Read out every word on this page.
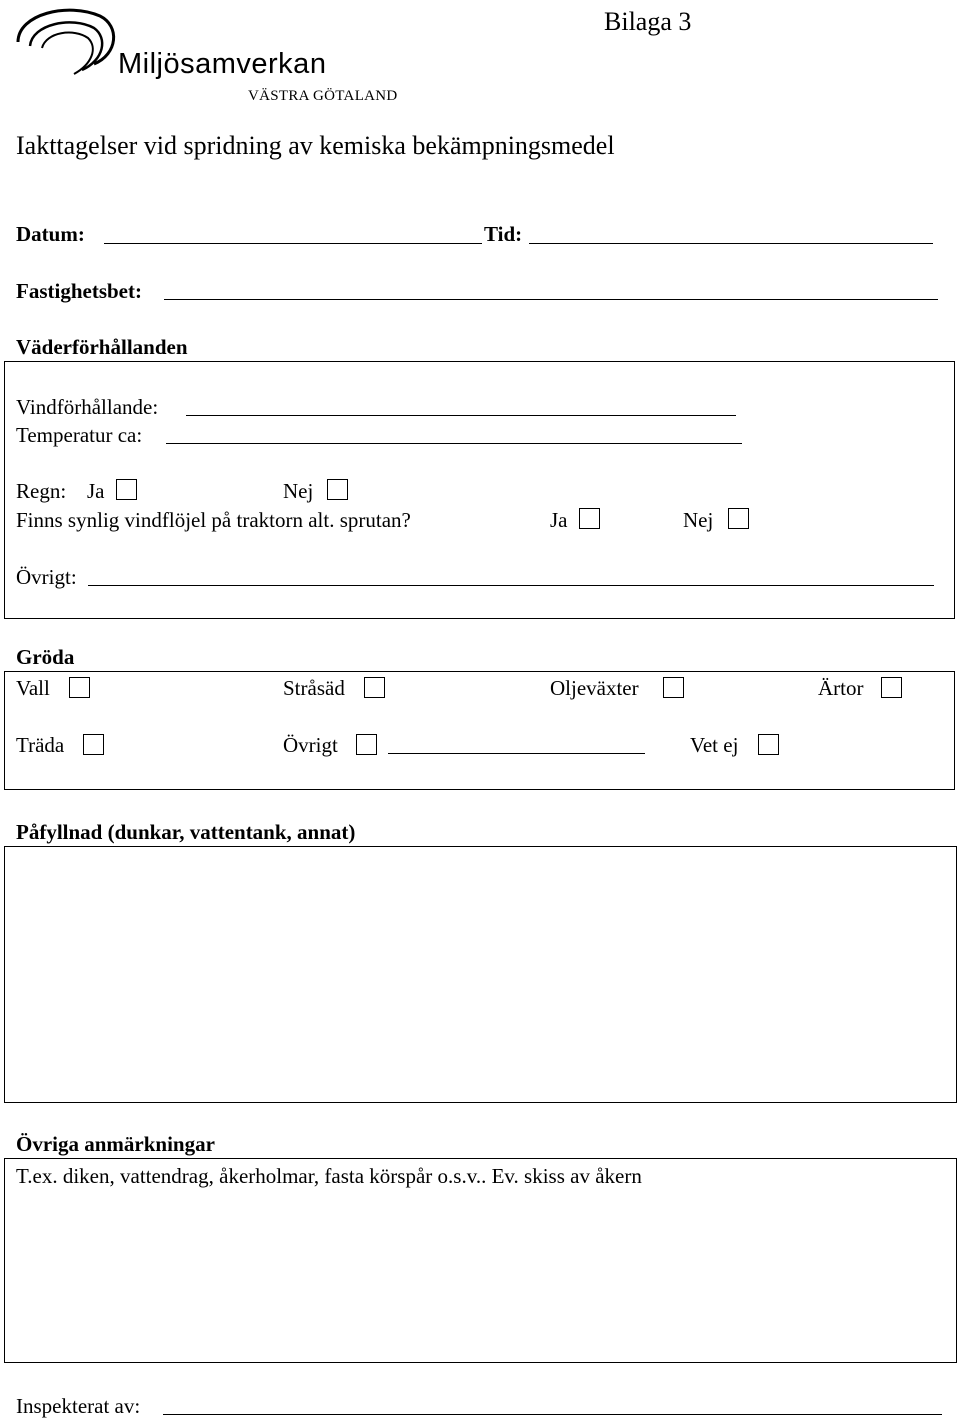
Miljösamverkan
VÄSTRA GÖTALAND
Bilaga 3
Iakttagelser vid spridning av kemiska bekämpningsmedel
Datum:	Tid:
Fastighetsbet:
Väderförhållanden
Vindförhållande:
Temperatur ca:
Regn: Ja	Nej
Finns synlig vindflöjel på traktorn alt. sprutan?	Ja	Nej
Övrigt:
Gröda
Vall	Stråsäd	Oljeväxter	Ärtor
Träda	Övrigt	Vet ej
Påfyllnad (dunkar, vattentank, annat)
Övriga anmärkningar
T.ex. diken, vattendrag, åkerholmar, fasta körspår o.s.v.. Ev. skiss av åkern
Inspekterat av:
